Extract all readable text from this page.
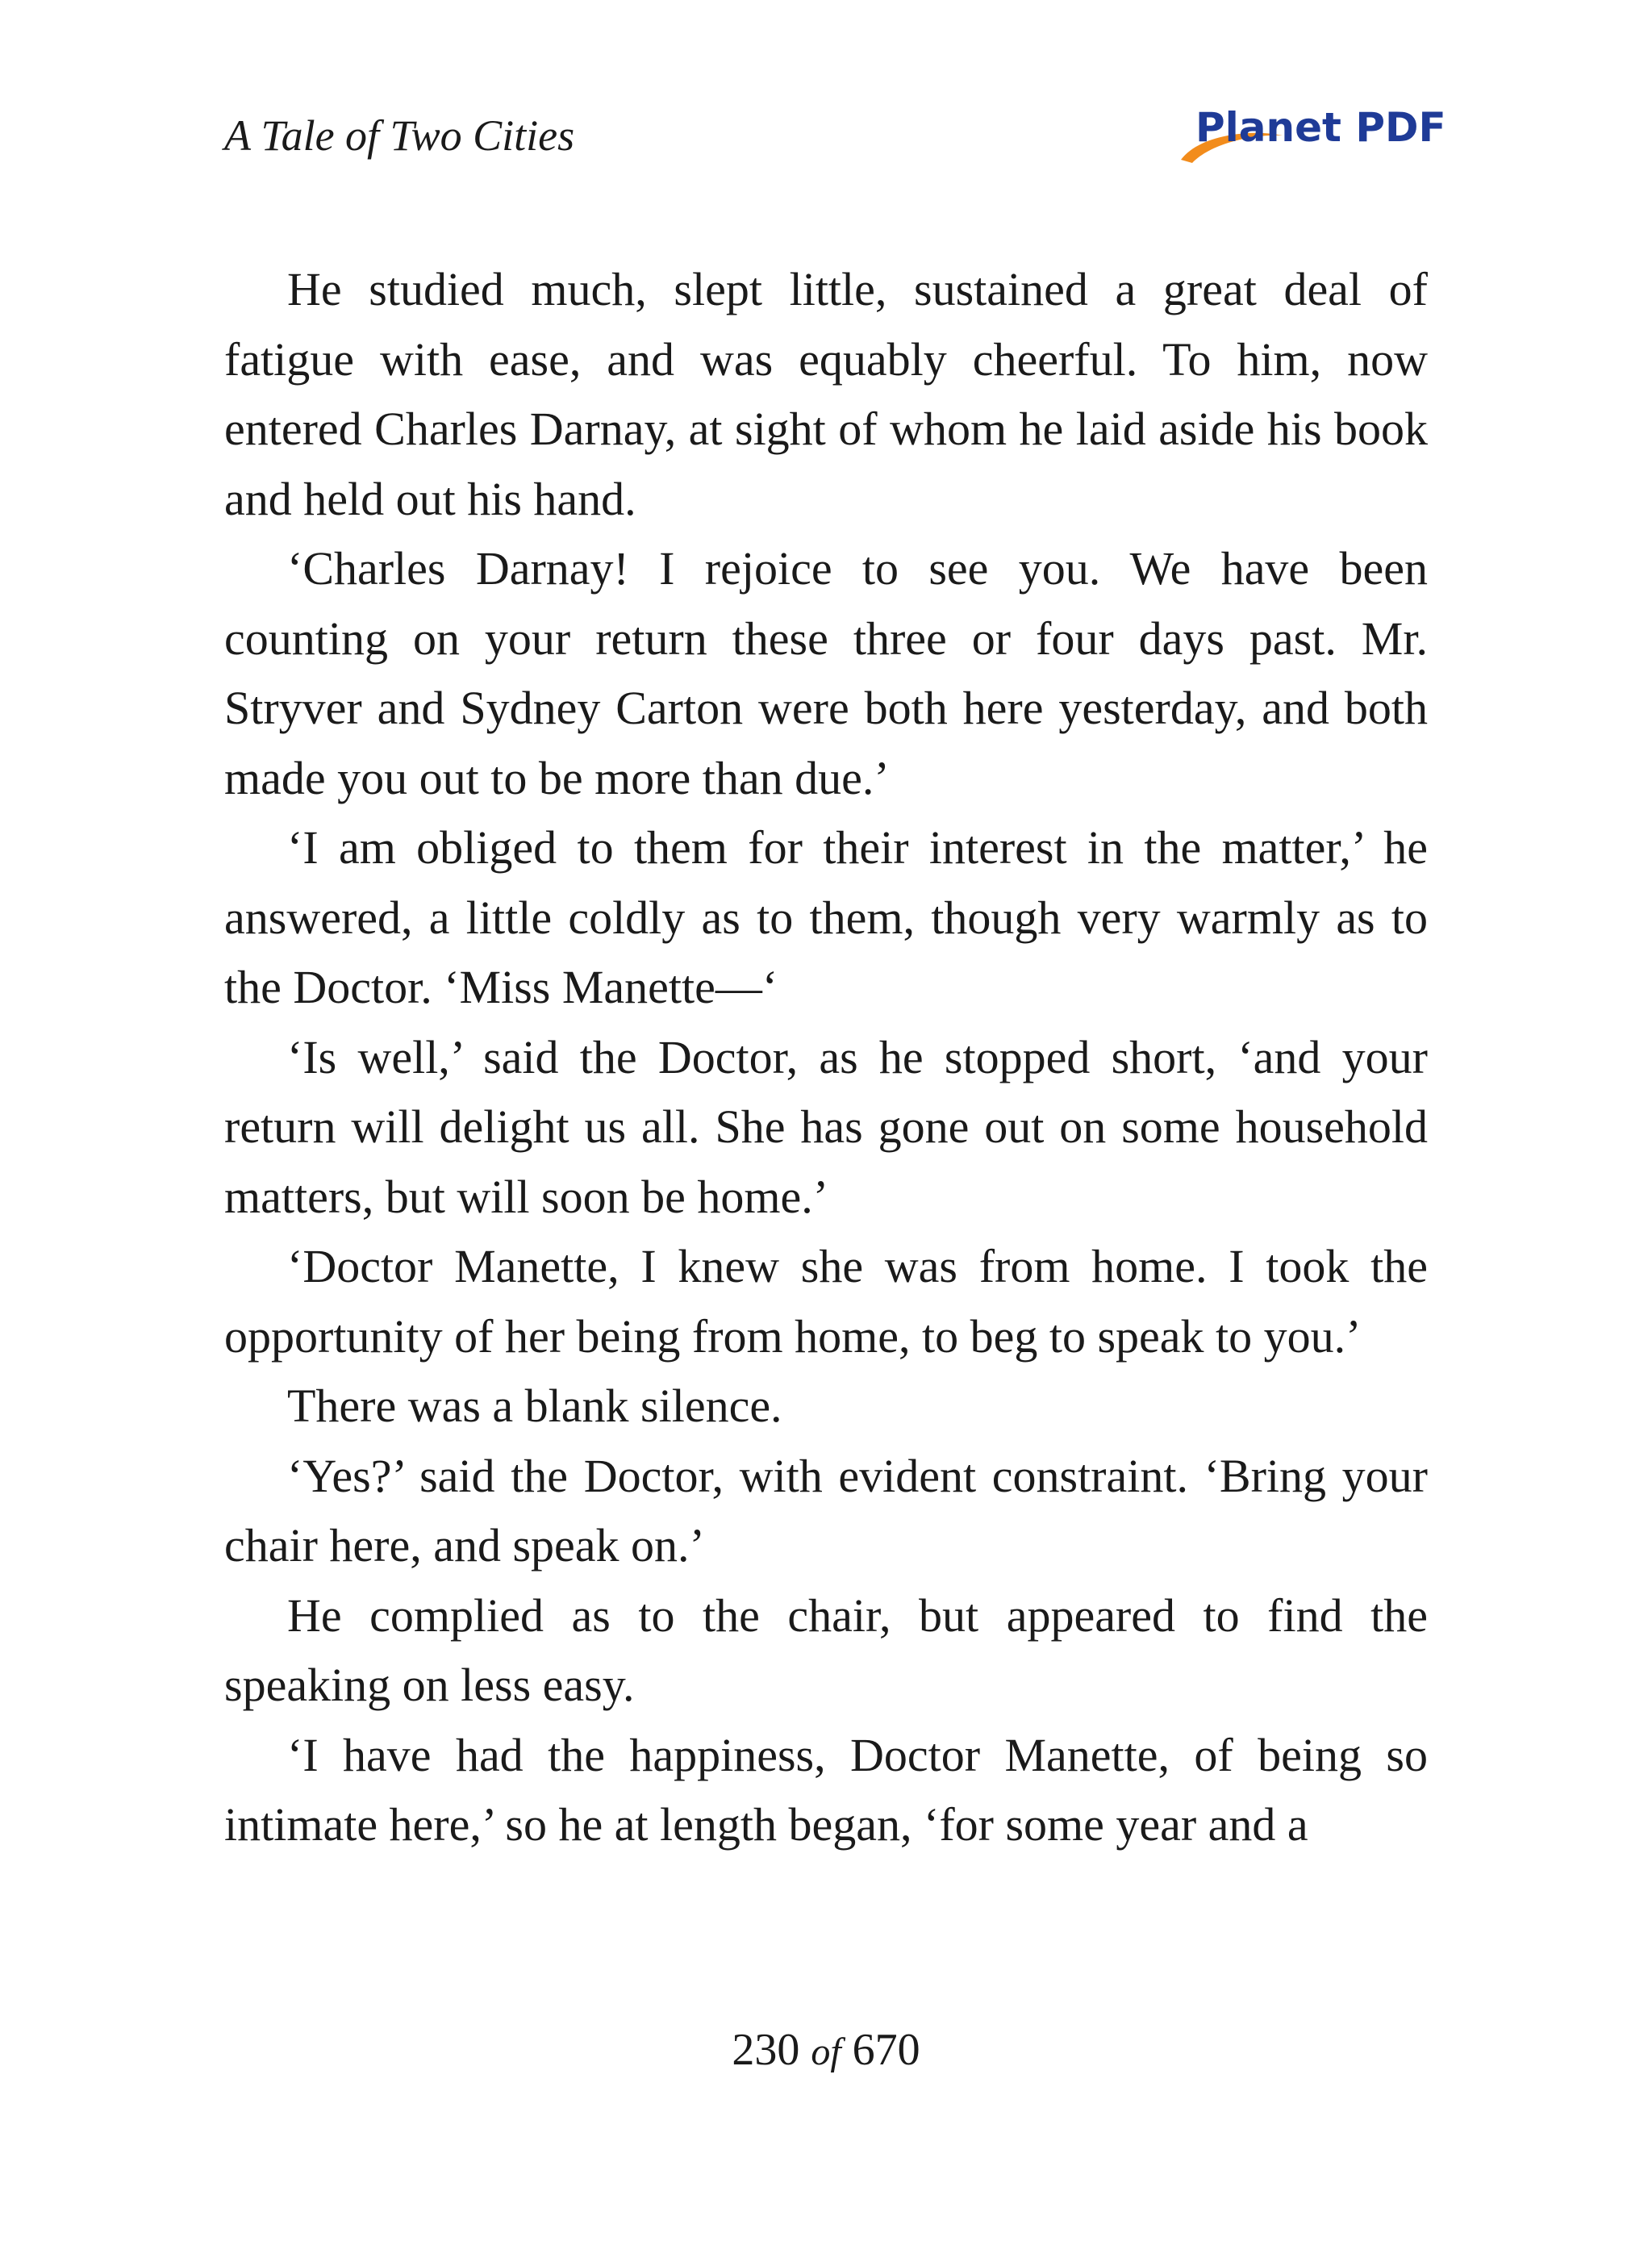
A Tale of Two Cities	Planet PDF

He studied much, slept little, sustained a great deal of fatigue with ease, and was equably cheerful. To him, now entered Charles Darnay, at sight of whom he laid aside his book and held out his hand.

‘Charles Darnay! I rejoice to see you. We have been counting on your return these three or four days past. Mr. Stryver and Sydney Carton were both here yesterday, and both made you out to be more than due.’

‘I am obliged to them for their interest in the matter,’ he answered, a little coldly as to them, though very warmly as to the Doctor. ‘Miss Manette—‘

‘Is well,’ said the Doctor, as he stopped short, ‘and your return will delight us all. She has gone out on some household matters, but will soon be home.’

‘Doctor Manette, I knew she was from home. I took the opportunity of her being from home, to beg to speak to you.’

There was a blank silence.

‘Yes?’ said the Doctor, with evident constraint. ‘Bring your chair here, and speak on.’

He complied as to the chair, but appeared to find the speaking on less easy.

‘I have had the happiness, Doctor Manette, of being so intimate here,’ so he at length began, ‘for some year and a

230 of 670
